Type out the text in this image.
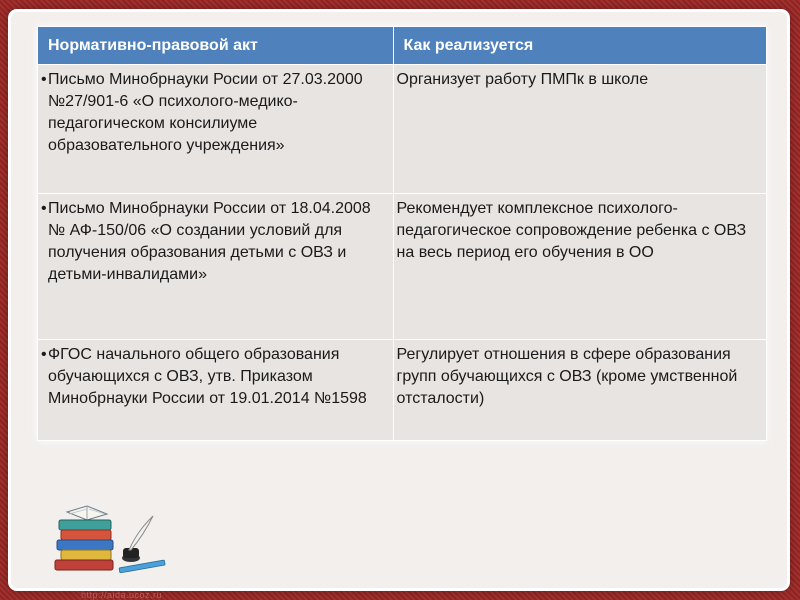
Нормативно-правовой акт	Как реализуется

• Письмо Минобрнауки Росии от 27.03.2000 №27/901-6 «О психолого-медико-педагогическом консилиуме образовательного учреждения»	Организует работу ПМПк в школе

• Письмо Минобрнауки России от 18.04.2008 № АФ-150/06 «О создании условий для получения образования детьми с ОВЗ и детьми-инвалидами»	Рекомендует комплексное психолого-педагогическое сопровождение ребенка с ОВЗ на весь период его обучения в ОО

• ФГОС начального общего образования обучающихся с ОВЗ, утв. Приказом Минобрнауки России от 19.01.2014 №1598	Регулирует отношения в сфере образования групп обучающихся с ОВЗ (кроме умственной отсталости)
http://aida.ucoz.ru
